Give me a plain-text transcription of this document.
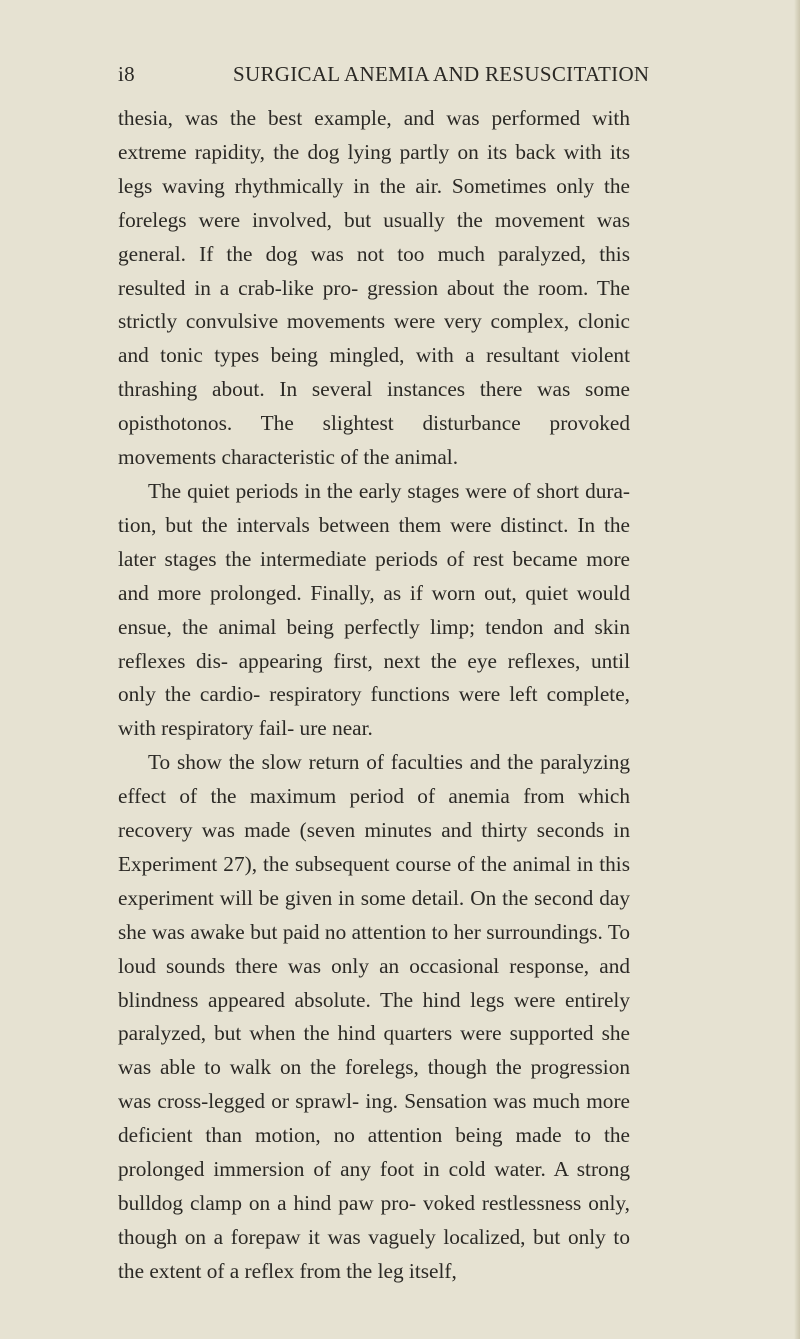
i8	SURGICAL ANEMIA AND RESUSCITATION

thesia, was the best example, and was performed with extreme rapidity, the dog lying partly on its back with its legs waving rhythmically in the air. Sometimes only the forelegs were involved, but usually the movement was general. If the dog was not too much paralyzed, this resulted in a crab-like pro- gression about the room. The strictly convulsive movements were very complex, clonic and tonic types being mingled, with a resultant violent thrashing about. In several instances there was some opisthotonos. The slightest disturbance provoked movements characteristic of the animal.

The quiet periods in the early stages were of short dura- tion, but the intervals between them were distinct. In the later stages the intermediate periods of rest became more and more prolonged. Finally, as if worn out, quiet would ensue, the animal being perfectly limp; tendon and skin reflexes dis- appearing first, next the eye reflexes, until only the cardio- respiratory functions were left complete, with respiratory fail- ure near.

To show the slow return of faculties and the paralyzing effect of the maximum period of anemia from which recovery was made (seven minutes and thirty seconds in Experiment 27), the subsequent course of the animal in this experiment will be given in some detail. On the second day she was awake but paid no attention to her surroundings. To loud sounds there was only an occasional response, and blindness appeared absolute. The hind legs were entirely paralyzed, but when the hind quarters were supported she was able to walk on the forelegs, though the progression was cross-legged or sprawl- ing. Sensation was much more deficient than motion, no attention being made to the prolonged immersion of any foot in cold water. A strong bulldog clamp on a hind paw pro- voked restlessness only, though on a forepaw it was vaguely localized, but only to the extent of a reflex from the leg itself,
